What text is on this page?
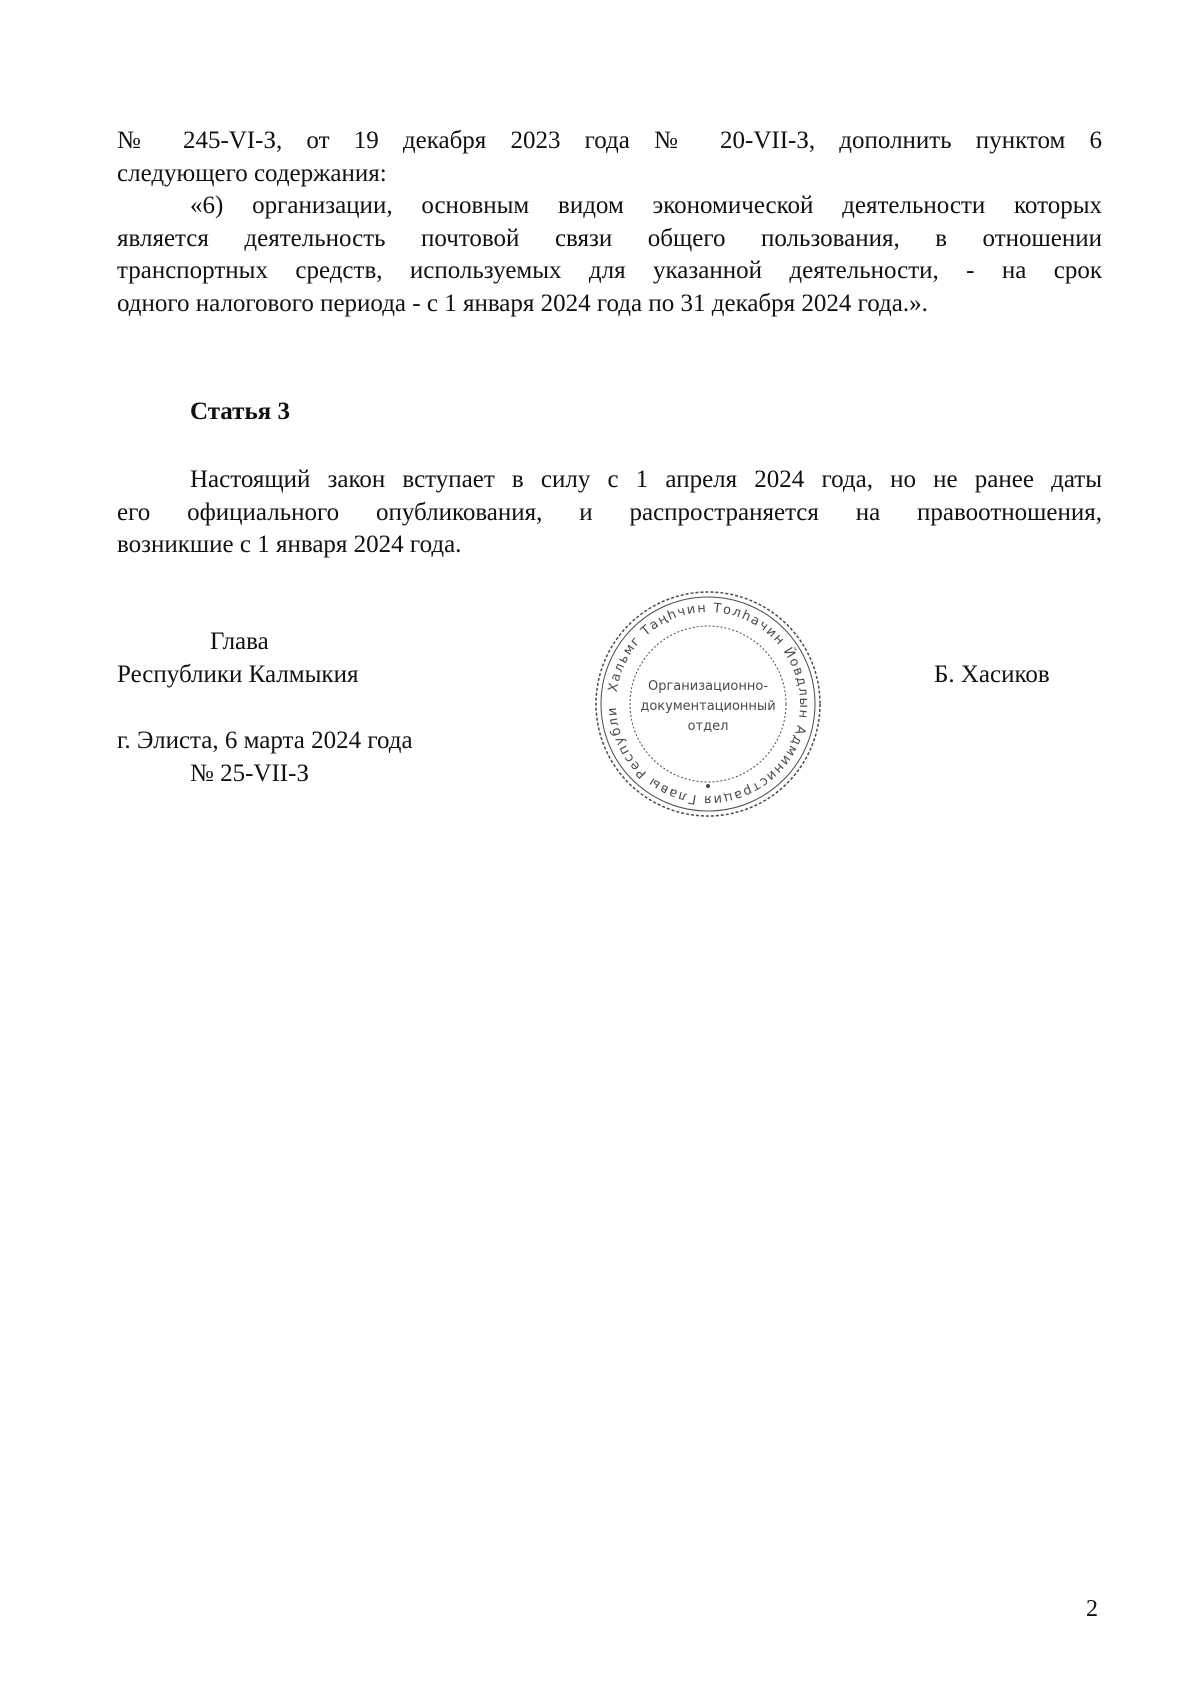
№ 245-VI-З, от 19 декабря 2023 года № 20-VII-З, дополнить пунктом 6
следующего содержания:
«6) организации, основным видом экономической деятельности которых
является деятельность почтовой связи общего пользования, в отношении
транспортных средств, используемых для указанной деятельности, - на срок
одного налогового периода - с 1 января 2024 года по 31 декабря 2024 года.».
Статья 3
Настоящий закон вступает в силу с 1 апреля 2024 года, но не ранее даты
его официального опубликования, и распространяется на правоотношения,
возникшие с 1 января 2024 года.
Глава
Республики Калмыкия	Б. Хасиков
г. Элиста, 6 марта 2024 года
№ 25-VII-З
Хальмг Таңһчин Толһачин Йовдлын Администрация Главы Республи
Организационно-
документационный
отдел
2
